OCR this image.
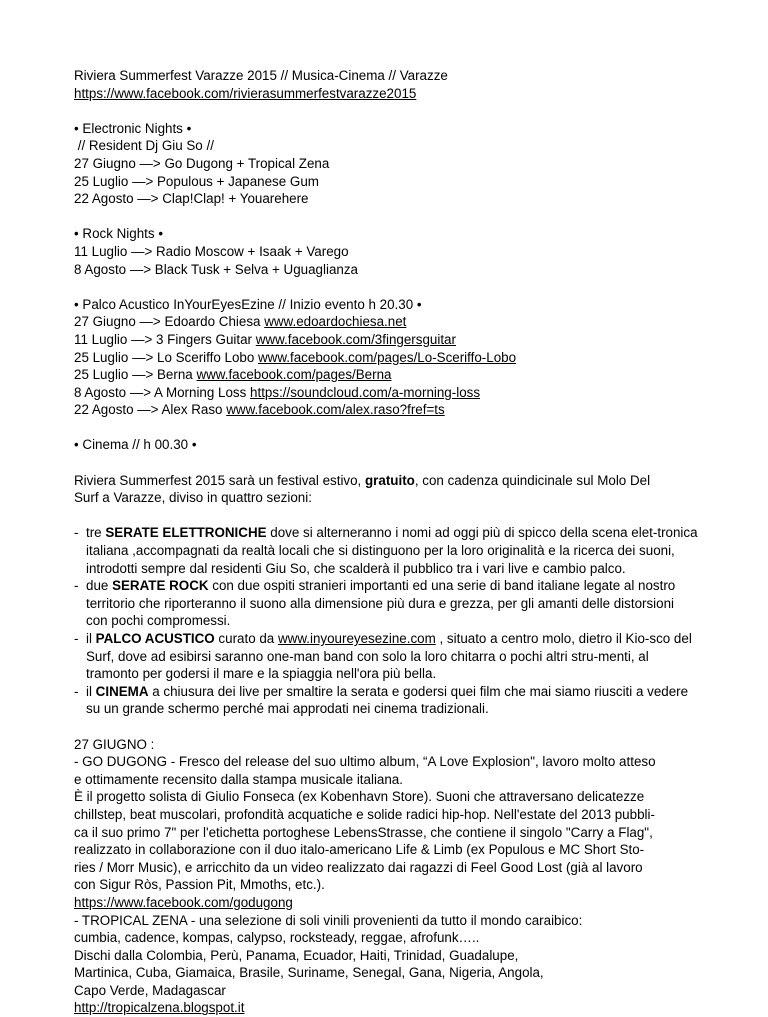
Riviera Summerfest Varazze 2015 // Musica-Cinema // Varazze
https://www.facebook.com/rivierasummerfestvarazze2015
• Electronic Nights •
// Resident Dj Giu So //
27 Giugno —> Go Dugong + Tropical Zena
25 Luglio —> Populous + Japanese Gum
22 Agosto —> Clap!Clap! + Youarehere
• Rock Nights •
11 Luglio —> Radio Moscow + Isaak + Varego
8 Agosto —> Black Tusk + Selva + Uguaglianza
• Palco Acustico InYourEyesEzine // Inizio evento h 20.30 •
27 Giugno —> Edoardo Chiesa www.edoardochiesa.net
11 Luglio —> 3 Fingers Guitar www.facebook.com/3fingersguitar
25 Luglio —> Lo Sceriffo Lobo www.facebook.com/pages/Lo-Sceriffo-Lobo
25 Luglio —> Berna www.facebook.com/pages/Berna
8 Agosto —> A Morning Loss https://soundcloud.com/a-morning-loss
22 Agosto —> Alex Raso www.facebook.com/alex.raso?fref=ts
• Cinema // h 00.30 •
Riviera Summerfest 2015 sarà un festival estivo, gratuito, con cadenza quindicinale sul Molo Del
Surf a Varazze, diviso in quattro sezioni:
- tre SERATE ELETTRONICHE dove si alterneranno i nomi ad oggi più di spicco della scena elet-tronica italiana ,accompagnati da realtà locali che si distinguono per la loro originalità e la ricerca dei suoni, introdotti sempre dal residenti Giu So, che scalderà il pubblico tra i vari live e cambio palco.
- due SERATE ROCK con due ospiti stranieri importanti ed una serie di band italiane legate al nostro territorio che riporteranno il suono alla dimensione più dura e grezza, per gli amanti delle distorsioni con pochi compromessi.
- il PALCO ACUSTICO curato da www.inyoureyesezine.com , situato a centro molo, dietro il Kio-sco del Surf, dove ad esibirsi saranno one-man band con solo la loro chitarra o pochi altri stru-menti, al tramonto per godersi il mare e la spiaggia nell'ora più bella.
- il CINEMA a chiusura dei live per smaltire la serata e godersi quei film che mai siamo riusciti a vedere su un grande schermo perché mai approdati nei cinema tradizionali.
27 GIUGNO :
- GO DUGONG - Fresco del release del suo ultimo album, “A Love Explosion", lavoro molto atteso
e ottimamente recensito dalla stampa musicale italiana.
È il progetto solista di Giulio Fonseca (ex Kobenhavn Store). Suoni che attraversano delicatezze
chillstep, beat muscolari, profondità acquatiche e solide radici hip-hop. Nell'estate del 2013 pubbli-
ca il suo primo 7" per l'etichetta portoghese LebensStrasse, che contiene il singolo "Carry a Flag",
realizzato in collaborazione con il duo italo-americano Life & Limb (ex Populous e MC Short Sto-
ries / Morr Music), e arricchito da un video realizzato dai ragazzi di Feel Good Lost (già al lavoro
con Sigur Ròs, Passion Pit, Mmoths, etc.).
https://www.facebook.com/godugong
- TROPICAL ZENA - una selezione di soli vinili provenienti da tutto il mondo caraibico:
cumbia, cadence, kompas, calypso, rocksteady, reggae, afrofunk…..
Dischi dalla Colombia, Perù, Panama, Ecuador, Haiti, Trinidad, Guadalupe,
Martinica, Cuba, Giamaica, Brasile, Suriname, Senegal, Gana, Nigeria, Angola,
Capo Verde, Madagascar
http://tropicalzena.blogspot.it
